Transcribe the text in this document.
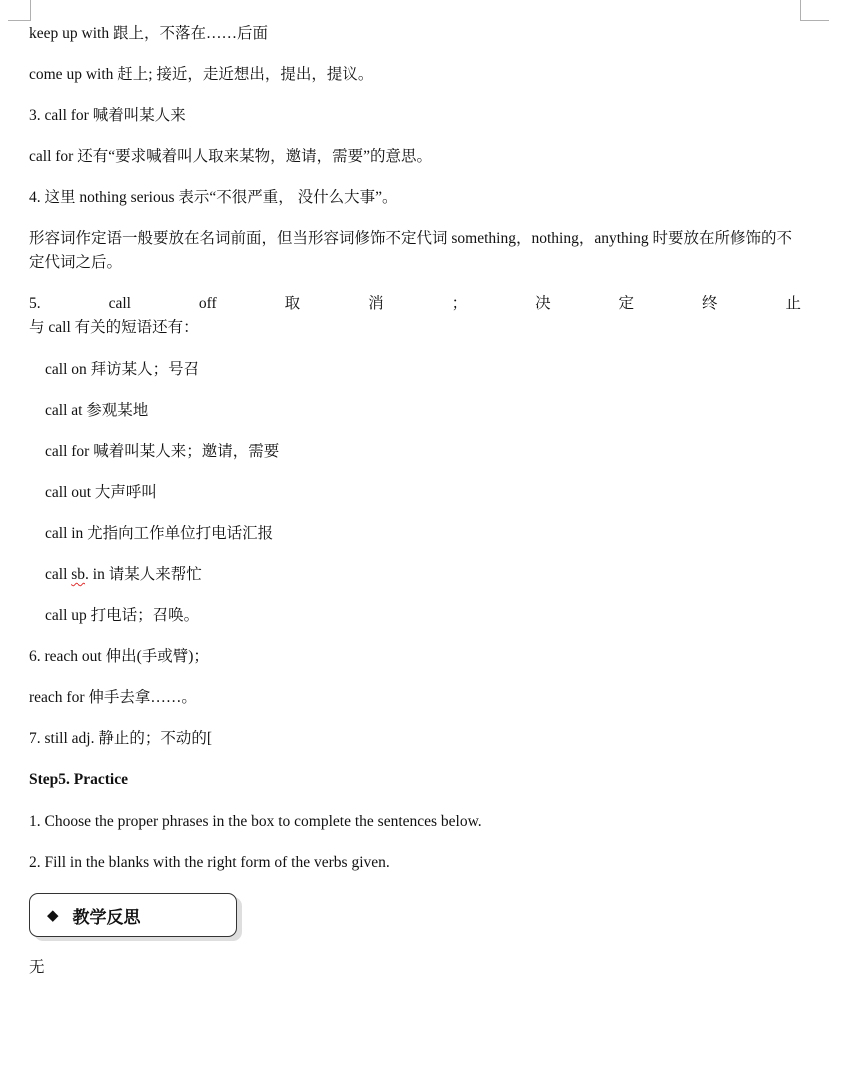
keep up with 跟上，不落在……后面
come up with 赶上; 接近，走近想出，提出，提议。
3. call for 喊着叫某人来
call for 还有“要求喊着叫人取来某物，邀请，需要”的意思。
4. 这里 nothing serious 表示“不很严重， 没什么大事”。
形容词作定语一般要放在名词前面，但当形容词修饰不定代词 something，nothing，anything 时要放在所修饰的不定代词之后。
5.	call	off	取	消	；	决	定	终	止
与 call 有关的短语还有：
call on 拜访某人；号召
call at 参观某地
call for 喊着叫某人来；邀请，需要
call out 大声呼叫
call in 尤指向工作单位打电话汇报
call sb. in 请某人来帮忙
call up 打电话；召唤。
6. reach out 伸出(手或臂)；
reach for 伸手去拿……。
7. still adj. 静止的；不动的[
Step5. Practice
1. Choose the proper phrases in the box to complete the sentences below.
2. Fill in the blanks with the right form of the verbs given.
◆ 教学反思
无
